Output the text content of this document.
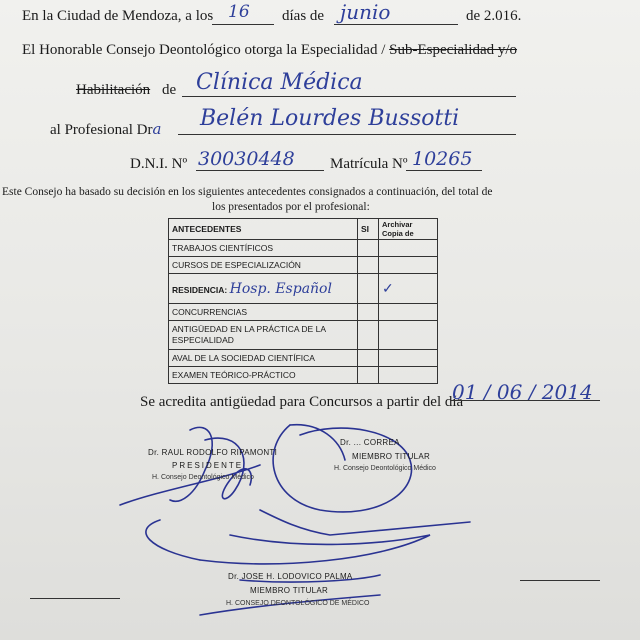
En la Ciudad de Mendoza, a los 16 días de junio	de 2.016.
El Honorable Consejo Deontológico otorga la Especialidad / Sub-Especialidad y/o
Habilitación de Clínica Médica
al Profesional Dra Belén Lourdes Bussotti
D.N.I. Nº 30030448 Matrícula Nº 10265
Este Consejo ha basado su decisión en los siguientes antecedentes consignados a continuación, del total de
los presentados por el profesional:
ANTECEDENTES	SI	Archivar Copia de
TRABAJOS CIENTÍFICOS		
CURSOS DE ESPECIALIZACIÓN		
RESIDENCIA: Hosp. Español		✓
CONCURRENCIAS		
ANTIGÜEDAD EN LA PRÁCTICA DE LA ESPECIALIDAD		
AVAL DE LA SOCIEDAD CIENTÍFICA		
EXAMEN TEÓRICO-PRÁCTICO		
Se acredita antigüedad para Concursos a partir del día
01 / 06 / 2014
Dr. RAUL RODOLFO RIPAMONTI
PRESIDENTE
H. Consejo Deontológico Médico
Dr. ... CORREA
MIEMBRO TITULAR
H. Consejo Deontológico Médico
Dr. JOSE H. LODOVICO PALMA
MIEMBRO TITULAR
H. CONSEJO DEONTOLÓGICO DE MÉDICO
